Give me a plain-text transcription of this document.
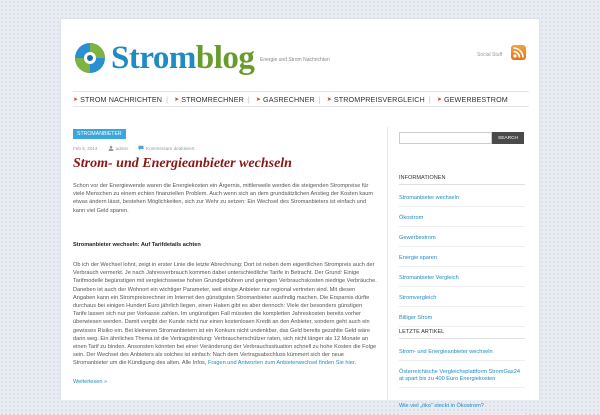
Stromblog Energie und Strom Nachrichten
Social Stuff
➤ STROM NACHRICHTEN | ➤ STROMRECHNER | ➤ GASRECHNER | ➤ STROMPREISVERGLEICH | ➤ GEWERBESTROM
STROMANBIETER
Feb 6, 2014	admin	Kommentare deaktiviert
Strom- und Energieanbieter wechseln

Schon vor der Energiewende waren die Energiekosten ein Ärgernis, mittlerweile werden die steigenden Strompreise für viele Menschen zu einem echten finanziellen Problem. Auch wenn sich an dem grundsätzlichen Anstieg der Kosten kaum etwas ändern lässt, bestehen Möglichkeiten, sich zur Wehr zu setzen: Ein Wechsel des Stromanbieters ist einfach und kann viel Geld sparen.

Stromanbieter wechseln: Auf Tarifdetails achten

Ob ich der Wechsel lohnt, zeigt in erster Linie die letzte Abrechnung: Dort ist neben dem eigentlichen Strompreis auch der Verbrauch vermerkt. Je nach Jahresverbrauch kommen dabei unterschiedliche Tarife in Betracht. Der Grund: Einige Tarifmodelle begünstigen mit vergleichsweise hohen Grundgebühren und geringen Verbrauchskosten niedrige Verbräuche. Daneben ist auch der Wohnort ein wichtiger Parameter, weil einige Anbieter nur regional vertreten sind. Mit diesen Angaben kann ein Strompreisrechner im Internet den günstigsten Stromanbieter ausfindig machen. Die Ersparnis dürfte durchaus bei einigen Hundert Euro jährlich liegen, einen Haken gibt es aber dennoch: Viele der besonders günstigen Tarife lassen sich nur per Vorkasse zahlen. Im ungünstigen Fall müssten die kompletten Jahreskosten bereits vorher überwiesen werden. Damit vergibt der Kunde nicht nur einen kostenlosen Kredit an den Anbieter, sondern geht auch ein gewisses Risiko ein. Bei kleineren Stromanbietern ist ein Konkurs nicht undenkbar, das Geld bereits gezahlte Geld wäre dann weg. Ein ähnliches Thema ist die Vertragsbindung: Verbraucherschützer raten, sich nicht länger als 12 Monate an einen Tarif zu binden. Ansonsten könnten bei einer Veränderung der Verbrauchssituation schnell zu hohe Kosten die Folge sein. Der Wechsel des Anbieters als solches ist einfach: Nach dem Vertragsabschluss kümmert sich der neue Stromanbieter um die Kündigung des alten. Alle Infos, Fragen und Antworten zum Anbieterwechsel finden Sie hier.

Weiterlesen »
SEARCH
INFORMATIONEN
Stromanbieter wechseln
Ökostrom
Gewerbestrom
Energie sparen
Stromanbieter Vergleich
Stromvergleich
Billiger Strom
LETZTE ARTIKEL
Strom- und Energieanbieter wechseln
Österreichische Vergleichsplattform StromGas24 at spart bis zu 400 Euro Energiekosten
Wie viel „öko“ steckt in Ökostrom?
